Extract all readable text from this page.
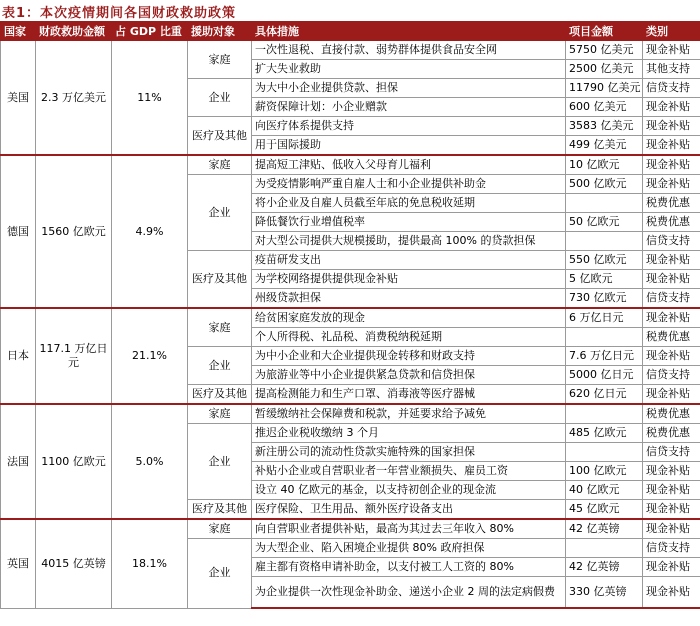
表1：本次疫情期间各国财政救助政策
国家	财政救助金额	占 GDP 比重	援助对象	具体措施	项目金额	类别
美国	2.3 万亿美元	11%	家庭	一次性退税、直接付款、弱势群体提供食品安全网	5750 亿美元	现金补贴
				扩大失业救助	2500 亿美元	其他支持
			企业	为大中小企业提供贷款、担保	11790 亿美元	信贷支持
				薪资保障计划：小企业赠款	600 亿美元	现金补贴
			医疗及其他	向医疗体系提供支持	3583 亿美元	现金补贴
				用于国际援助	499 亿美元	现金补贴
德国	1560 亿欧元	4.9%	家庭	提高短工津贴、低收入父母育儿福利	10 亿欧元	现金补贴
			企业	为受疫情影响严重自雇人士和小企业提供补助金	500 亿欧元	现金补贴
				将小企业及自雇人员截至年底的免息税收延期		税费优惠
				降低餐饮行业增值税率	50 亿欧元	税费优惠
				对大型公司提供大规模援助，提供最高 100% 的贷款担保		信贷支持
			医疗及其他	疫苗研发支出	550 亿欧元	现金补贴
				为学校网络提供提供现金补贴	5 亿欧元	现金补贴
				州级贷款担保	730 亿欧元	信贷支持
日本	117.1 万亿日元	21.1%	家庭	给贫困家庭发放的现金	6 万亿日元	现金补贴
				个人所得税、礼品税、消费税纳税延期		税费优惠
			企业	为中小企业和大企业提供现金转移和财政支持	7.6 万亿日元	现金补贴
				为旅游业等中小企业提供紧急贷款和信贷担保	5000 亿日元	信贷支持
			医疗及其他	提高检测能力和生产口罩、消毒液等医疗器械	620 亿日元	现金补贴
法国	1100 亿欧元	5.0%	家庭	暂缓缴纳社会保障费和税款，并延要求给予减免		税费优惠
			企业	推迟企业税收缴纳 3 个月	485 亿欧元	税费优惠
				新注册公司的流动性贷款实施特殊的国家担保		信贷支持
				补贴小企业或自营职业者一年营业额损失、雇员工资	100 亿欧元	现金补贴
				设立 40 亿欧元的基金，以支持初创企业的现金流	40 亿欧元	现金补贴
			医疗及其他	医疗保险、卫生用品、额外医疗设备支出	45 亿欧元	现金补贴
英国	4015 亿英镑	18.1%	家庭	向自营职业者提供补贴，最高为其过去三年收入 80%	42 亿英镑	现金补贴
			企业	为大型企业、陷入困境企业提供 80% 政府担保		信贷支持
				雇主都有资格申请补助金，以支付被工人工资的 80%	42 亿英镑	现金补贴
				为企业提供一次性现金补助金、递送小企业 2 周的法定病假费	330 亿英镑	现金补贴
